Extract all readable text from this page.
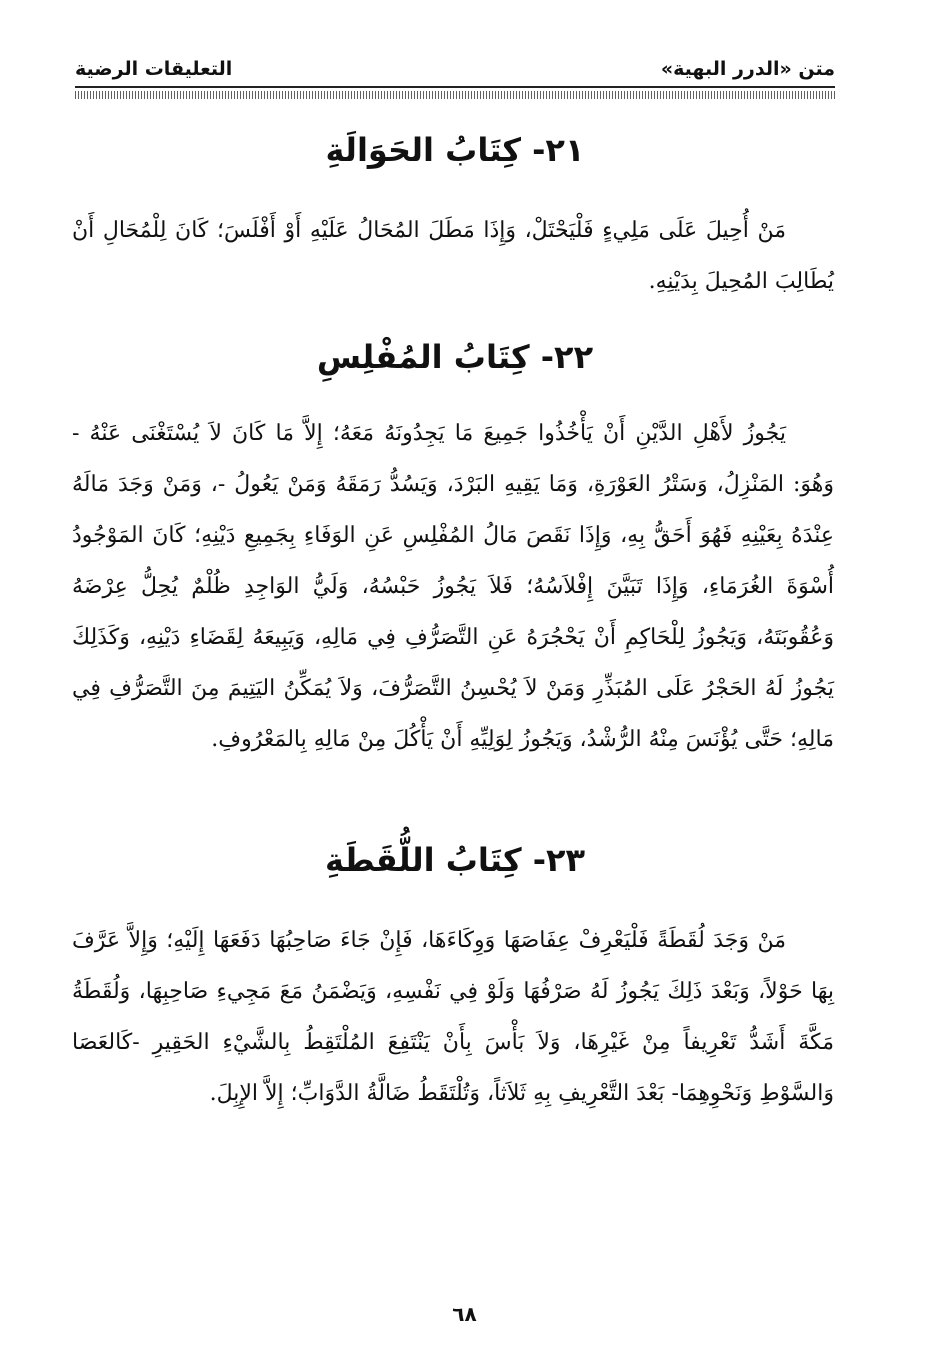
متن «الدرر البهية»
التعليقات الرضية
٢١- كِتَابُ الحَوَالَةِ
مَنْ أُحِيلَ عَلَى مَلِيءٍ فَلْيَحْتَلْ، وَإِذَا مَطَلَ المُحَالُ عَلَيْهِ أَوْ أَفْلَسَ؛ كَانَ لِلْمُحَالِ أَنْ يُطَالِبَ المُحِيلَ بِدَيْنِهِ.
٢٢- كِتَابُ المُفْلِسِ
يَجُوزُ لأَهْلِ الدَّيْنِ أَنْ يَأْخُذُوا جَمِيعَ مَا يَجِدُونَهُ مَعَهُ؛ إِلاَّ مَا كَانَ لاَ يُسْتَغْنَى عَنْهُ - وَهُوَ: المَنْزِلُ، وَسَتْرُ العَوْرَةِ، وَمَا يَقِيهِ البَرْدَ، وَيَسُدُّ رَمَقَهُ وَمَنْ يَعُولُ -، وَمَنْ وَجَدَ مَالَهُ عِنْدَهُ بِعَيْنِهِ فَهُوَ أَحَقُّ بِهِ، وَإِذَا نَقَصَ مَالُ المُفْلِسِ عَنِ الوَفَاءِ بِجَمِيعِ دَيْنِهِ؛ كَانَ المَوْجُودُ أُسْوَةَ الغُرَمَاءِ، وَإِذَا تَبَيَّنَ إِفْلاَسُهُ؛ فَلاَ يَجُوزُ حَبْسُهُ، وَلَيُّ الوَاجِدِ ظُلْمٌ يُحِلُّ عِرْضَهُ وَعُقُوبَتَهُ، وَيَجُوزُ لِلْحَاكِمِ أَنْ يَحْجُرَهُ عَنِ التَّصَرُّفِ فِي مَالِهِ، وَيَبِيعَهُ لِقَضَاءِ دَيْنِهِ، وَكَذَلِكَ يَجُوزُ لَهُ الحَجْرُ عَلَى المُبَذِّرِ وَمَنْ لاَ يُحْسِنُ التَّصَرُّفَ، وَلاَ يُمَكِّنُ اليَتِيمَ مِنَ التَّصَرُّفِ فِي مَالِهِ؛ حَتَّى يُؤْنَسَ مِنْهُ الرُّشْدُ، وَيَجُوزُ لِوَلِيِّهِ أَنْ يَأْكُلَ مِنْ مَالِهِ بِالمَعْرُوفِ.
٢٣- كِتَابُ اللُّقَطَةِ
مَنْ وَجَدَ لُقَطَةً فَلْيَعْرِفْ عِفَاصَهَا وَوِكَاءَهَا، فَإِنْ جَاءَ صَاحِبُهَا دَفَعَهَا إِلَيْهِ؛ وَإِلاَّ عَرَّفَ بِهَا حَوْلاً، وَبَعْدَ ذَلِكَ يَجُوزُ لَهُ صَرْفُهَا وَلَوْ فِي نَفْسِهِ، وَيَضْمَنُ مَعَ مَجِيءِ صَاحِبِهَا، وَلُقَطَةُ مَكَّةَ أَشَدُّ تَعْرِيفاً مِنْ غَيْرِهَا، وَلاَ بَأْسَ بِأَنْ يَنْتَفِعَ المُلْتَقِطُ بِالشَّيْءِ الحَقِيرِ -كَالعَصَا وَالسَّوْطِ وَنَحْوِهِمَا- بَعْدَ التَّعْرِيفِ بِهِ ثَلاَثاً، وَتُلْتَقَطُ ضَالَّةُ الدَّوَابِّ؛ إِلاَّ الإِبِلَ.
٦٨
